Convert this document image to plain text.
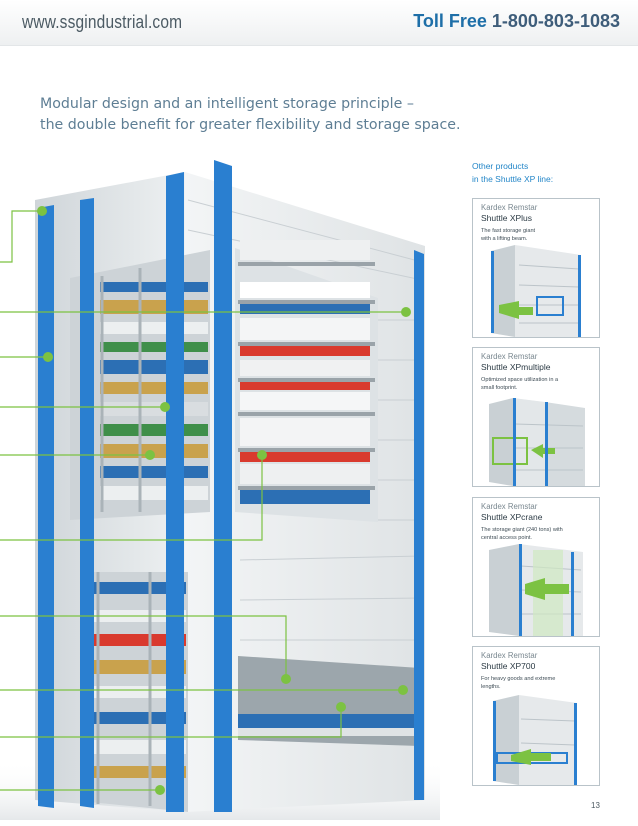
www.ssgindustrial.com	Toll Free 1-800-803-1083
Modular design and an intelligent storage principle –
the double benefit for greater flexibility and storage space.
Other products
in the Shuttle XP line:
Kardex Remstar
Shuttle XPlus
The fast storage giant
with a lifting beam.
Kardex Remstar
Shuttle XPmultiple
Optimized space utilization in a
small footprint.
Kardex Remstar
Shuttle XPcrane
The storage giant (240 tons) with
central access point.
Kardex Remstar
Shuttle XP700
For heavy goods and extreme
lengths.
13
